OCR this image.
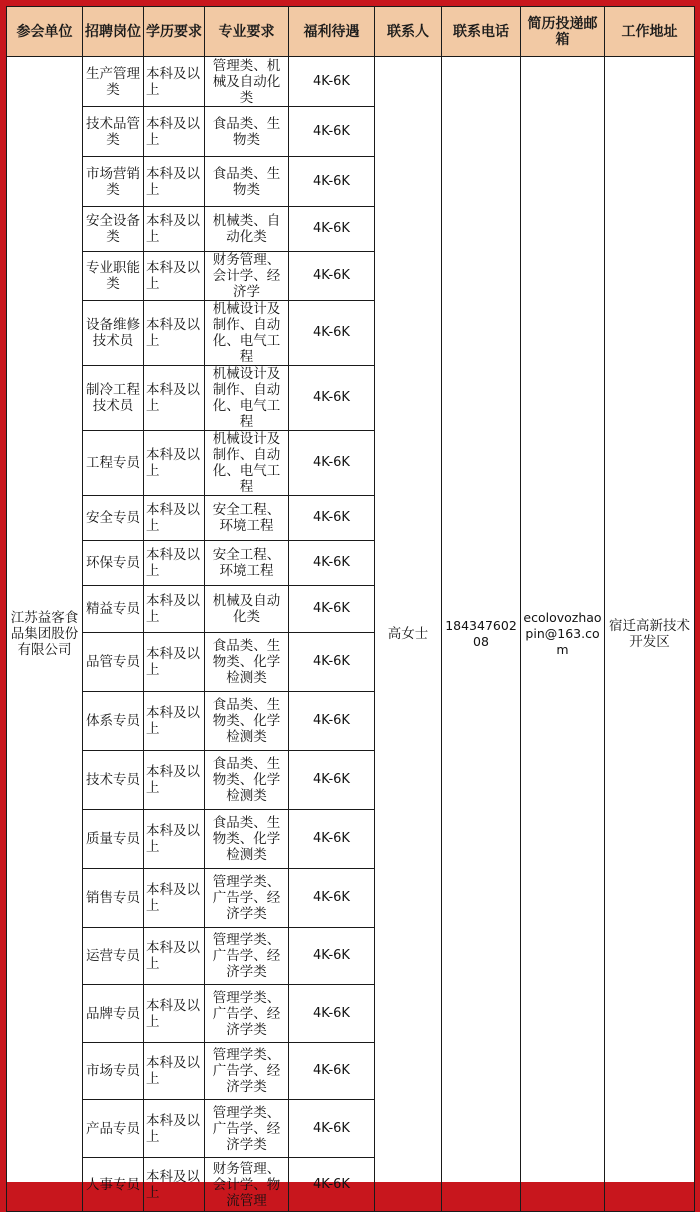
参会单位	招聘岗位	学历要求	专业要求	福利待遇	联系人	联系电话	简历投递邮箱	工作地址
江苏益客食品集团股份有限公司	生产管理类	本科及以上	管理类、机械及自动化类	4K-6K	高女士	18434760208	ecolovozhaopin@163.com	宿迁高新技术开发区
	技术品管类	本科及以上	食品类、生物类	4K-6K				
	市场营销类	本科及以上	食品类、生物类	4K-6K				
	安全设备类	本科及以上	机械类、自动化类	4K-6K				
	专业职能类	本科及以上	财务管理、会计学、经济学	4K-6K				
	设备维修技术员	本科及以上	机械设计及制作、自动化、电气工程	4K-6K				
	制冷工程技术员	本科及以上	机械设计及制作、自动化、电气工程	4K-6K				
	工程专员	本科及以上	机械设计及制作、自动化、电气工程	4K-6K				
	安全专员	本科及以上	安全工程、环境工程	4K-6K				
	环保专员	本科及以上	安全工程、环境工程	4K-6K				
	精益专员	本科及以上	机械及自动化类	4K-6K				
	品管专员	本科及以上	食品类、生物类、化学检测类	4K-6K				
	体系专员	本科及以上	食品类、生物类、化学检测类	4K-6K				
	技术专员	本科及以上	食品类、生物类、化学检测类	4K-6K				
	质量专员	本科及以上	食品类、生物类、化学检测类	4K-6K				
	销售专员	本科及以上	管理学类、广告学、经济学类	4K-6K				
	运营专员	本科及以上	管理学类、广告学、经济学类	4K-6K				
	品牌专员	本科及以上	管理学类、广告学、经济学类	4K-6K				
	市场专员	本科及以上	管理学类、广告学、经济学类	4K-6K				
	产品专员	本科及以上	管理学类、广告学、经济学类	4K-6K				
	人事专员	本科及以上	财务管理、会计学、物流管理	4K-6K				
